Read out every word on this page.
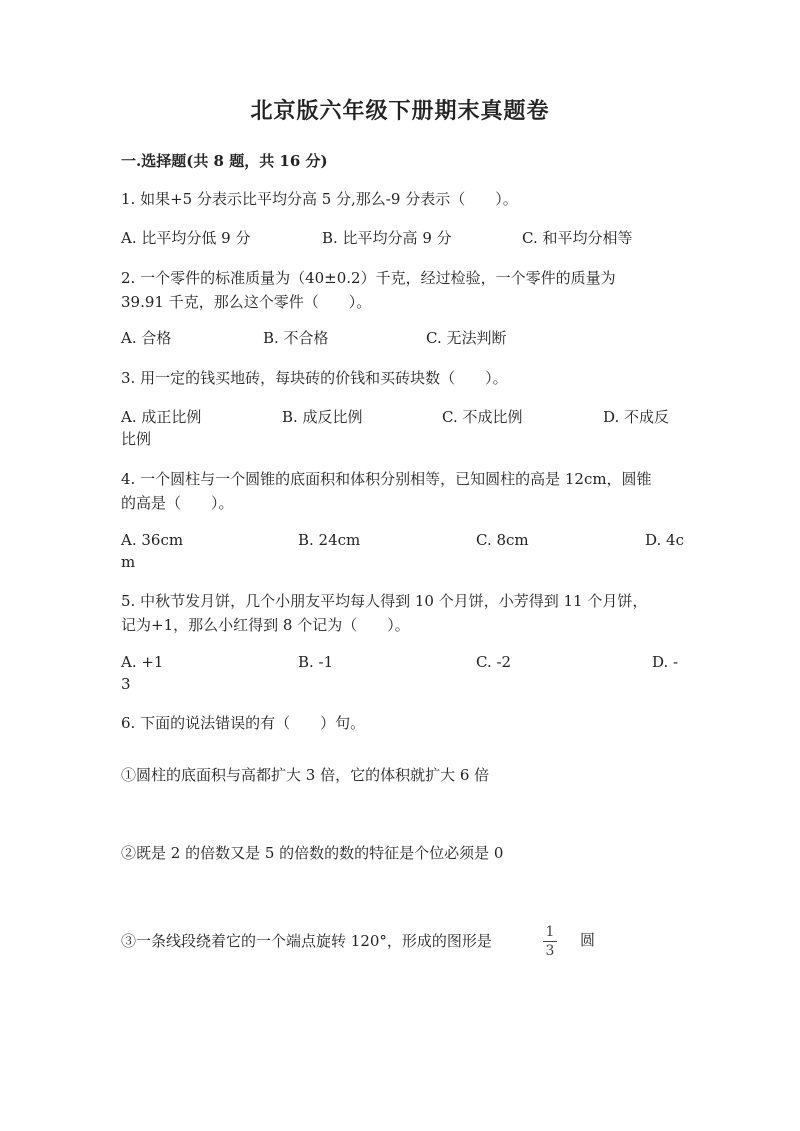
北京版六年级下册期末真题卷
一.选择题(共 8 题，共 16 分)
1. 如果+5 分表示比平均分高 5 分,那么-9 分表示（　　）。
A. 比平均分低 9 分	B. 比平均分高 9 分	C. 和平均分相等
2. 一个零件的标准质量为（40±0.2）千克，经过检验，一个零件的质量为
39.91 千克，那么这个零件（　　）。
A. 合格	B. 不合格	C. 无法判断
3. 用一定的钱买地砖，每块砖的价钱和买砖块数（　　）。
A. 成正比例	B. 成反比例	C. 不成比例	D. 不成反
比例
4. 一个圆柱与一个圆锥的底面积和体积分别相等，已知圆柱的高是 12cm，圆锥
的高是（　　）。
A. 36cm	B. 24cm	C. 8cm	D. 4c
m
5. 中秋节发月饼，几个小朋友平均每人得到 10 个月饼，小芳得到 11 个月饼，
记为+1，那么小红得到 8 个记为（　　）。
A. +1	B. -1	C. -2	D. -
3
6. 下面的说法错误的有（　　）句。
①圆柱的底面积与高都扩大 3 倍，它的体积就扩大 6 倍
②既是 2 的倍数又是 5 的倍数的数的特征是个位必须是 0
③一条线段绕着它的一个端点旋转 120°，形成的图形是	1
3
圆
